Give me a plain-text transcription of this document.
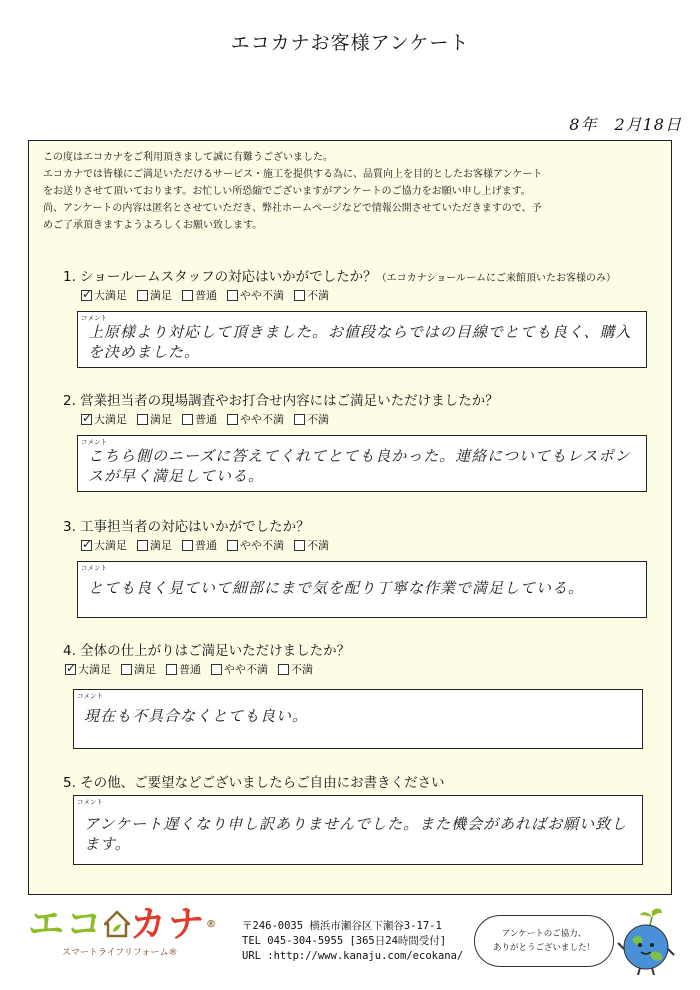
エコカナお客様アンケート
8年　2月18日

この度はエコカナをご利用頂きまして誠に有難うございました。

エコカナでは皆様にご満足いただけるサービス・施工を提供する為に、品質向上を目的としたお客様アンケート

をお送りさせて頂いております。お忙しい所恐縮でございますがアンケートのご協力をお願い申し上げます。

尚、アンケートの内容は匿名とさせていただき、弊社ホームページなどで情報公開させていただきますので、予

めご了承頂きますようよろしくお願い致します。

1. ショールームスタッフの対応はいかがでしたか？（エコカナショールームにご来館頂いたお客様のみ）
✓
大満足 満足 普通 やや不満 不満
コメント
上原様より対応して頂きました。お値段ならではの目線でとても良く、購入を決めました。
2. 営業担当者の現場調査やお打合せ内容にはご満足いただけましたか？
✓
大満足 満足 普通 やや不満 不満
コメント
こちら側のニーズに答えてくれてとても良かった。連絡についてもレスポンスが早く満足している。
3. 工事担当者の対応はいかがでしたか？
✓
大満足 満足 普通 やや不満 不満
コメント
とても良く見ていて細部にまで気を配り丁寧な作業で満足している。
4. 全体の仕上がりはご満足いただけましたか？
✓
大満足 満足 普通 やや不満 不満
コメント
現在も不具合なくとても良い。
5. その他、ご要望などございましたらご自由にお書きください
コメント
アンケート遅くなり申し訳ありませんでした。また機会があればお願い致します。
エコ カナ®
スマートライフリフォーム®
〒246-0035 横浜市瀬谷区下瀬谷3-17-1
TEL 045-304-5955 [365日24時間受付]
URL :http://www.kanaju.com/ecokana/
アンケートのご協力、
ありがとうございました！
